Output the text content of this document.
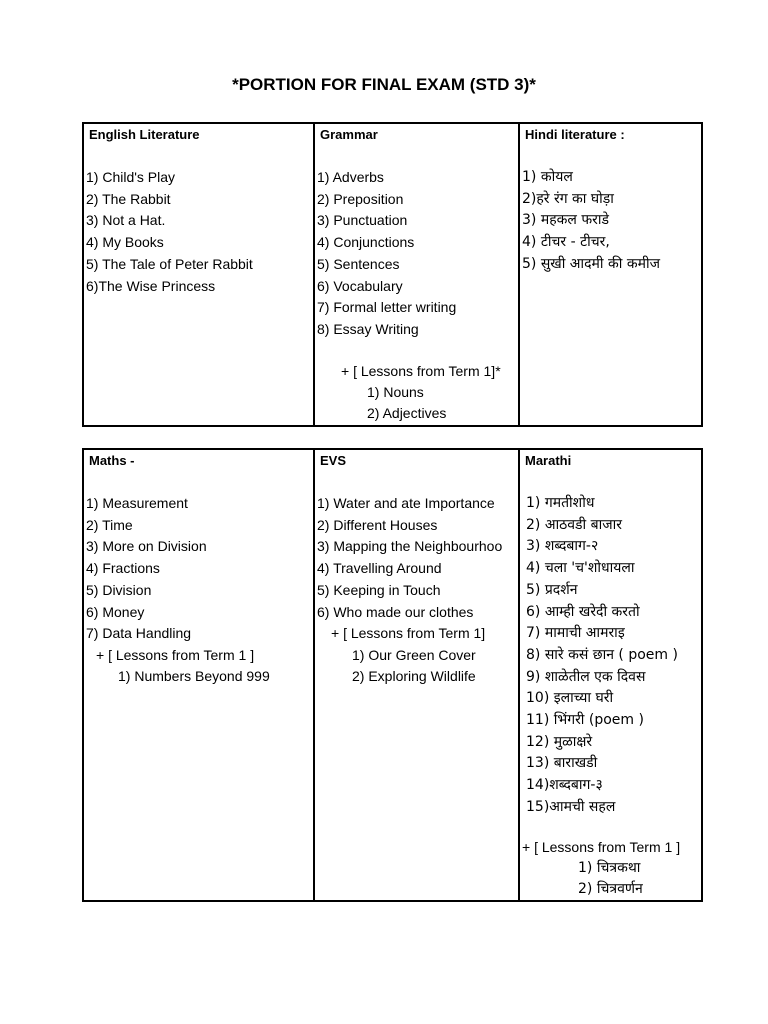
*PORTION FOR FINAL EXAM (STD 3)*
English Literature
1) Child's Play
2) The Rabbit
3) Not a Hat.
4) My Books
5) The Tale of Peter Rabbit
6)The Wise Princess

Grammar
1) Adverbs
2) Preposition
3) Punctuation
4) Conjunctions
5) Sentences
6) Vocabulary
7) Formal letter writing
8) Essay Writing
+ [ Lessons from Term 1]*
1) Nouns
2) Adjectives

Hindi literature :
1) कोयल
2)हरे रंग का घोड़ा
3) महकल फराडे
4) टीचर - टीचर,
5) सुखी आदमी की कमीज
Maths -
1) Measurement
2) Time
3) More on Division
4) Fractions
5) Division
6) Money
7) Data Handling
+ [ Lessons from Term 1 ]
1) Numbers Beyond 999

EVS
1) Water and ate Importance
2) Different Houses
3) Mapping the Neighbourhoo
4) Travelling Around
5) Keeping in Touch
6) Who made our clothes
+ [ Lessons from Term 1]
1) Our Green Cover
2) Exploring Wildlife

Marathi
1) गमतीशोध
2) आठवडी बाजार
3) शब्दबाग-२
4) चला 'च'शोधायला
5) प्रदर्शन
6) आम्ही खरेदी करतो
7) मामाची आमराइ
8) सारे कसं छान ( poem )
9) शाळेतील एक दिवस
10) इलाच्या घरी
11) भिंगरी (poem )
12) मुळाक्षरे
13) बाराखडी
14)शब्दबाग-३
15)आमची सहल
+ [ Lessons from Term 1 ]
1) चित्रकथा
2) चित्रवर्णन
